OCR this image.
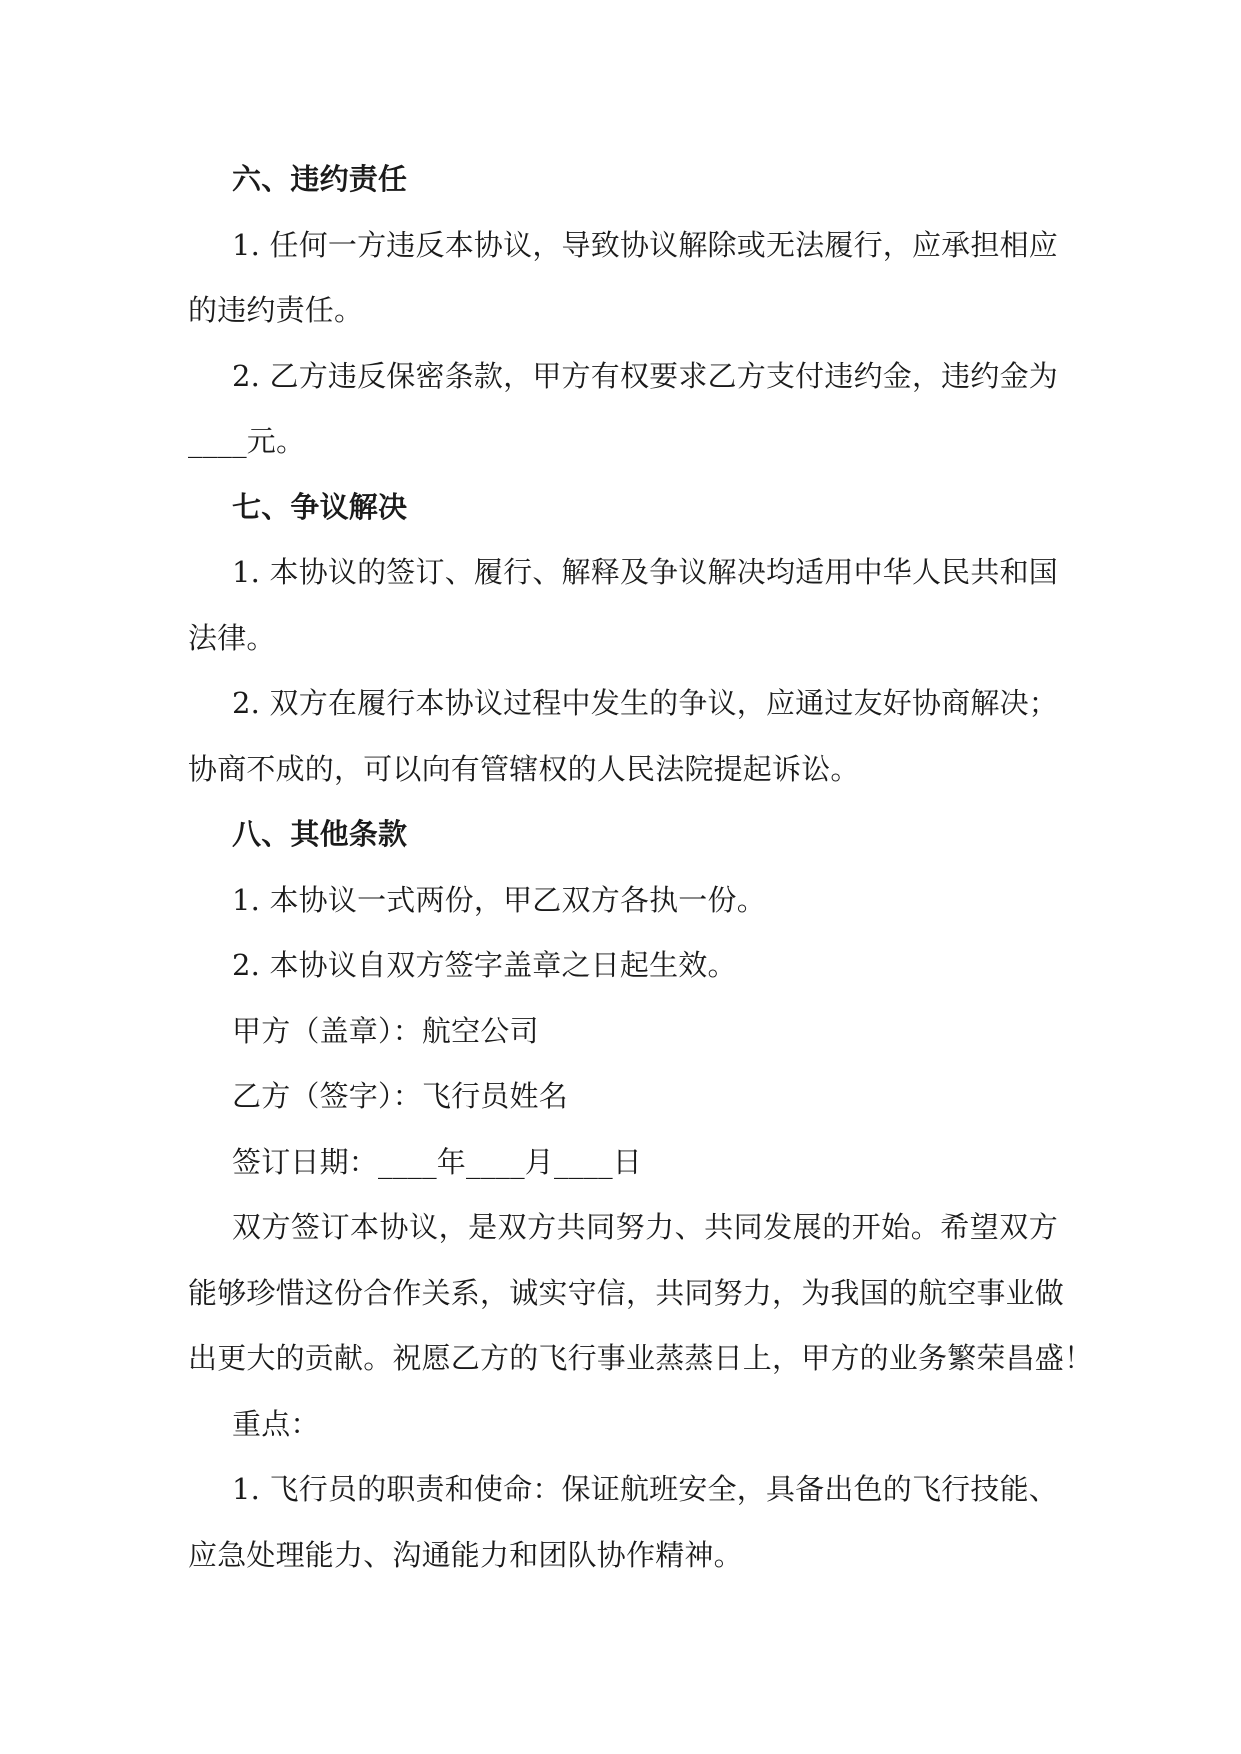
六、违约责任
1. 任何一方违反本协议，导致协议解除或无法履行，应承担相应
的违约责任。
2. 乙方违反保密条款，甲方有权要求乙方支付违约金，违约金为
____元。
七、争议解决
1. 本协议的签订、履行、解释及争议解决均适用中华人民共和国
法律。
2. 双方在履行本协议过程中发生的争议，应通过友好协商解决；
协商不成的，可以向有管辖权的人民法院提起诉讼。
八、其他条款
1. 本协议一式两份，甲乙双方各执一份。
2. 本协议自双方签字盖章之日起生效。
甲方（盖章）：航空公司
乙方（签字）：飞行员姓名
签订日期：____年____月____日
双方签订本协议，是双方共同努力、共同发展的开始。希望双方
能够珍惜这份合作关系，诚实守信，共同努力，为我国的航空事业做
出更大的贡献。祝愿乙方的飞行事业蒸蒸日上，甲方的业务繁荣昌盛！
重点：
1. 飞行员的职责和使命：保证航班安全，具备出色的飞行技能、
应急处理能力、沟通能力和团队协作精神。
